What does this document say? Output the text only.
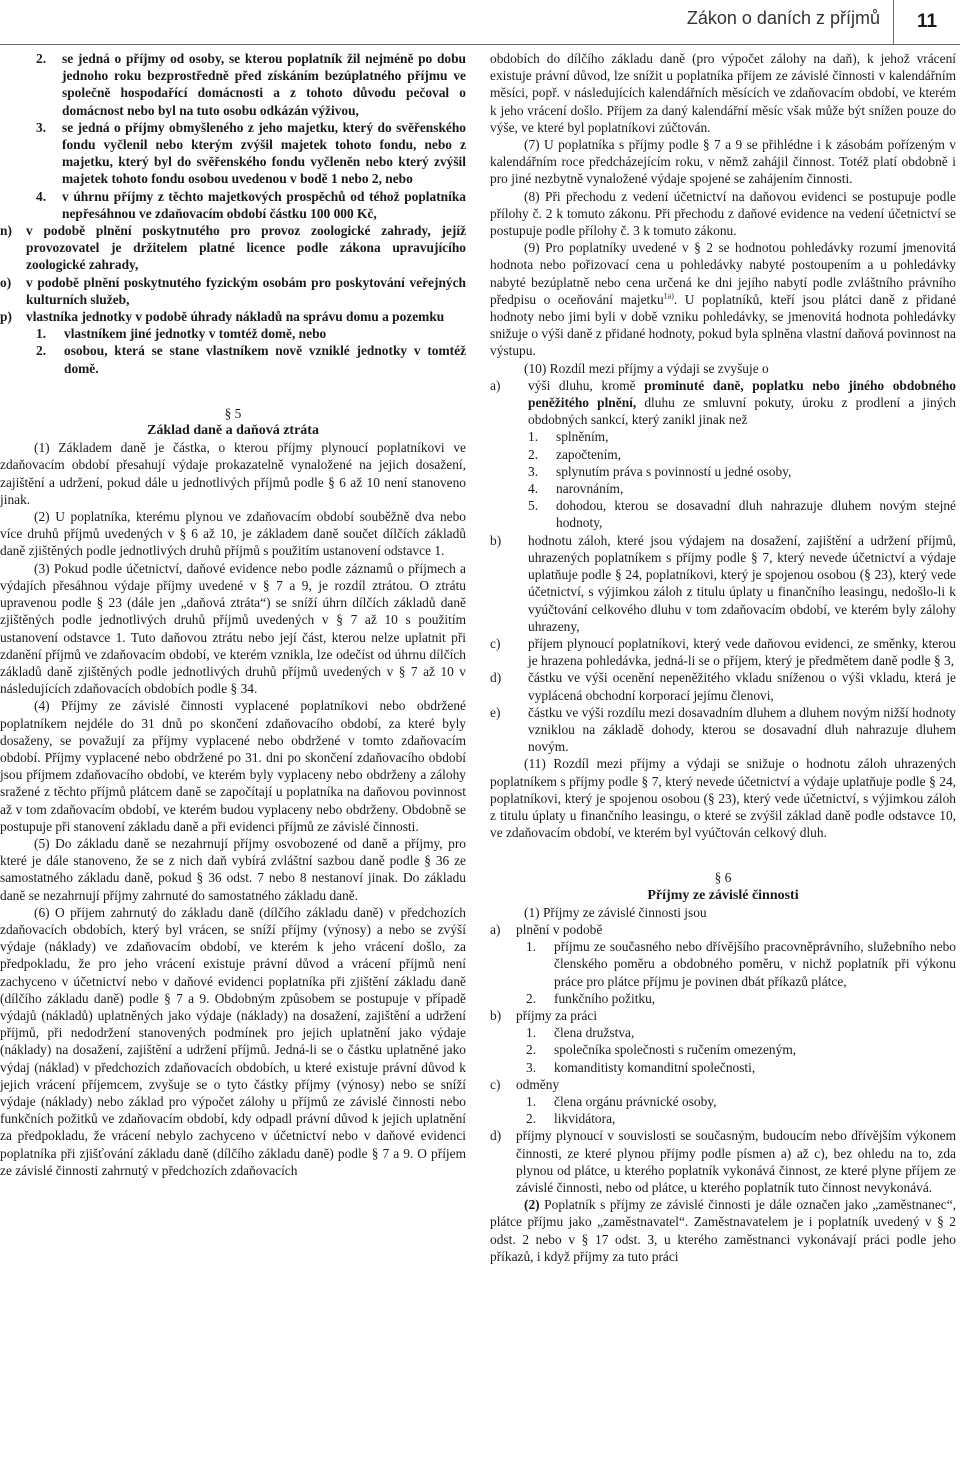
Zákon o daních z příjmů	11
2.	se jedná o příjmy od osoby, se kterou poplatník žil nejméně po dobu jednoho roku bezprostředně před získáním bezúplatného příjmu ve společně hospodařící domácnosti a z tohoto důvodu pečoval o domácnost nebo byl na tuto osobu odkázán výživou,
3.	se jedná o příjmy obmyšleného z jeho majetku, který do svěřenského fondu vyčlenil nebo kterým zvýšil majetek tohoto fondu, nebo z majetku, který byl do svěřenského fondu vyčleněn nebo který zvýšil majetek tohoto fondu osobou uvedenou v bodě 1 nebo 2, nebo
4.	v úhrnu příjmy z těchto majetkových prospěchů od téhož poplatníka nepřesáhnou ve zdaňovacím období částku 100 000 Kč,
n)	v podobě plnění poskytnutého pro provoz zoologické zahrady, jejíž provozovatel je držitelem platné licence podle zákona upravujícího zoologické zahrady,
o)	v podobě plnění poskytnutého fyzickým osobám pro poskytování veřejných kulturních služeb,
p)	vlastníka jednotky v podobě úhrady nákladů na správu domu a pozemku
1.	vlastníkem jiné jednotky v tomtéž domě, nebo
2.	osobou, která se stane vlastníkem nově vzniklé jednotky v tomtéž domě.
§ 5
Základ daně a daňová ztráta

(1) Základem daně je částka, o kterou příjmy plynoucí poplatníkovi ve zdaňovacím období přesahují výdaje prokazatelně vynaložené na jejich dosažení, zajištění a udržení, pokud dále u jednotlivých příjmů podle § 6 až 10 není stanoveno jinak.

(2) U poplatníka, kterému plynou ve zdaňovacím období souběžně dva nebo více druhů příjmů uvedených v § 6 až 10, je základem daně součet dílčích základů daně zjištěných podle jednotlivých druhů příjmů s použitím ustanovení odstavce 1.

(3) Pokud podle účetnictví, daňové evidence nebo podle záznamů o příjmech a výdajích přesáhnou výdaje příjmy uvedené v § 7 a 9, je rozdíl ztrátou. O ztrátu upravenou podle § 23 (dále jen „daňová ztráta“) se sníží úhrn dílčích základů daně zjištěných podle jednotlivých druhů příjmů uvedených v § 7 až 10 s použitím ustanovení odstavce 1. Tuto daňovou ztrátu nebo její část, kterou nelze uplatnit při zdanění příjmů ve zdaňovacím období, ve kterém vznikla, lze odečíst od úhrnu dílčích základů daně zjištěných podle jednotlivých druhů příjmů uvedených v § 7 až 10 v následujících zdaňovacích obdobích podle § 34.

(4) Příjmy ze závislé činnosti vyplacené poplatníkovi nebo obdržené poplatníkem nejdéle do 31 dnů po skončení zdaňovacího období, za které byly dosaženy, se považují za příjmy vyplacené nebo obdržené v tomto zdaňovacím období. Příjmy vyplacené nebo obdržené po 31. dni po skončení zdaňovacího období jsou příjmem zdaňovacího období, ve kterém byly vyplaceny nebo obdrženy a zálohy sražené z těchto příjmů plátcem daně se započítají u poplatníka na daňovou povinnost až v tom zdaňovacím období, ve kterém budou vyplaceny nebo obdrženy. Obdobně se postupuje při stanovení základu daně a při evidenci příjmů ze závislé činnosti.

(5) Do základu daně se nezahrnují příjmy osvobozené od daně a příjmy, pro které je dále stanoveno, že se z nich daň vybírá zvláštní sazbou daně podle § 36 ze samostatného základu daně, pokud § 36 odst. 7 nebo 8 nestanoví jinak. Do základu daně se nezahrnují příjmy zahrnuté do samostatného základu daně.

(6) O příjem zahrnutý do základu daně (dílčího základu daně) v předchozích zdaňovacích obdobích, který byl vrácen, se sníží příjmy (výnosy) a nebo se zvýší výdaje (náklady) ve zdaňovacím období, ve kterém k jeho vrácení došlo, za předpokladu, že pro jeho vrácení existuje právní důvod a vrácení příjmů není zachyceno v účetnictví nebo v daňové evidenci poplatníka při zjištění základu daně (dílčího základu daně) podle § 7 a 9. Obdobným způsobem se postupuje v případě výdajů (nákladů) uplatněných jako výdaje (náklady) na dosažení, zajištění a udržení příjmů, při nedodržení stanovených podmínek pro jejich uplatnění jako výdaje (náklady) na dosažení, zajištění a udržení příjmů. Jedná-li se o částku uplatněné jako výdaj (náklad) v předchozích zdaňovacích obdobích, u které existuje právní důvod k jejich vrácení příjemcem, zvyšuje se o tyto částky příjmy (výnosy) nebo se sníží výdaje (náklady) nebo základ pro výpočet zálohy u příjmů ze závislé činnosti nebo funkčních požitků ve zdaňovacím období, kdy odpadl právní důvod k jejich uplatnění za předpokladu, že vrácení nebylo zachyceno v účetnictví nebo v daňové evidenci poplatníka při zjišťování základu daně (dílčího základu daně) podle § 7 a 9. O příjem ze závislé činnosti zahrnutý v předchozích zdaňovacích

obdobích do dílčího základu daně (pro výpočet zálohy na daň), k jehož vrácení existuje právní důvod, lze snížit u poplatníka příjem ze závislé činnosti v kalendářním měsíci, popř. v následujících kalendářních měsících ve zdaňovacím období, ve kterém k jeho vrácení došlo. Příjem za daný kalendářní měsíc však může být snížen pouze do výše, ve které byl poplatníkovi zúčtován.

(7) U poplatníka s příjmy podle § 7 a 9 se přihlédne i k zásobám pořízeným v kalendářním roce předcházejícím roku, v němž zahájil činnost. Totéž platí obdobně i pro jiné nezbytně vynaložené výdaje spojené se zahájením činnosti.

(8) Při přechodu z vedení účetnictví na daňovou evidenci se postupuje podle přílohy č. 2 k tomuto zákonu. Při přechodu z daňové evidence na vedení účetnictví se postupuje podle přílohy č. 3 k tomuto zákonu.

(9) Pro poplatníky uvedené v § 2 se hodnotou pohledávky rozumí jmenovitá hodnota nebo pořizovací cena u pohledávky nabyté postoupením a u pohledávky nabyté bezúplatně nebo cena určená ke dni jejího nabytí podle zvláštního právního předpisu o oceňování majetku$^{1a)}$. U poplatníků, kteří jsou plátci daně z přidané hodnoty nebo jimi byli v době vzniku pohledávky, se jmenovitá hodnota pohledávky snižuje o výši daně z přidané hodnoty, pokud byla splněna vlastní daňová povinnost na výstupu.

(10) Rozdíl mezi příjmy a výdaji se zvyšuje o

a)	výši dluhu, kromě prominuté daně, poplatku nebo jiného obdobného peněžitého plnění, dluhu ze smluvní pokuty, úroku z prodlení a jiných obdobných sankcí, který zanikl jinak než
1.	splněním,
2.	započtením,
3.	splynutím práva s povinností u jedné osoby,
4.	narovnáním,
5.	dohodou, kterou se dosavadní dluh nahrazuje dluhem novým stejné hodnoty,
b)	hodnotu záloh, které jsou výdajem na dosažení, zajištění a udržení příjmů, uhrazených poplatníkem s příjmy podle § 7, který nevede účetnictví a výdaje uplatňuje podle § 24, poplatníkovi, který je spojenou osobou (§ 23), který vede účetnictví, s výjimkou záloh z titulu úplaty u finančního leasingu, nedošlo-li k vyúčtování celkového dluhu v tom zdaňovacím období, ve kterém byly zálohy uhrazeny,
c)	příjem plynoucí poplatníkovi, který vede daňovou evidenci, ze směnky, kterou je hrazena pohledávka, jedná-li se o příjem, který je předmětem daně podle § 3,
d)	částku ve výši ocenění nepeněžitého vkladu sníženou o výši vkladu, která je vyplácená obchodní korporací jejímu členovi,
e)	částku ve výši rozdílu mezi dosavadním dluhem a dluhem novým nižší hodnoty vzniklou na základě dohody, kterou se dosavadní dluh nahrazuje dluhem novým.

(11) Rozdíl mezi příjmy a výdaji se snižuje o hodnotu záloh uhrazených poplatníkem s příjmy podle § 7, který nevede účetnictví a výdaje uplatňuje podle § 24, poplatníkovi, který je spojenou osobou (§ 23), který vede účetnictví, s výjimkou záloh z titulu úplaty u finančního leasingu, o které se zvýšil základ daně podle odstavce 10, ve zdaňovacím období, ve kterém byl vyúčtován celkový dluh.

§ 6
Příjmy ze závislé činnosti

(1) Příjmy ze závislé činnosti jsou

a)	plnění v podobě
1.	příjmu ze současného nebo dřívějšího pracovněprávního, služebního nebo členského poměru a obdobného poměru, v nichž poplatník při výkonu práce pro plátce příjmu je povinen dbát příkazů plátce,
2.	funkčního požitku,
b)	příjmy za práci
1.	člena družstva,
2.	společníka společnosti s ručením omezeným,
3.	komanditisty komanditní společnosti,
c)	odměny
1.	člena orgánu právnické osoby,
2.	likvidátora,
d)	příjmy plynoucí v souvislosti se současným, budoucím nebo dřívějším výkonem činnosti, ze které plynou příjmy podle písmen a) až c), bez ohledu na to, zda plynou od plátce, u kterého poplatník vykonává činnost, ze které plyne příjem ze závislé činnosti, nebo od plátce, u kterého poplatník tuto činnost nevykonává.

(2) Poplatník s příjmy ze závislé činnosti je dále označen jako „zaměstnanec“, plátce příjmu jako „zaměstnavatel“. Zaměstnavatelem je i poplatník uvedený v § 2 odst. 2 nebo v § 17 odst. 3, u kterého zaměstnanci vykonávají práci podle jeho příkazů, i když příjmy za tuto práci
